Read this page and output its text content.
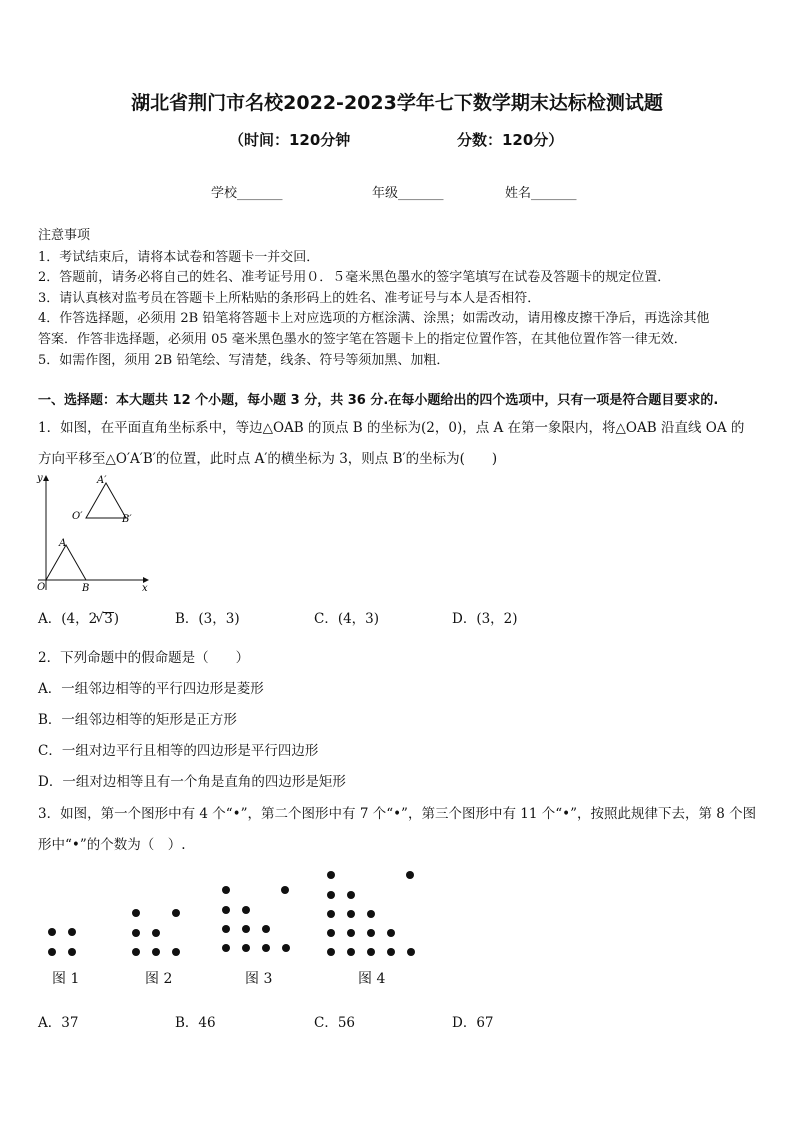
湖北省荆门市名校2022-2023学年七下数学期末达标检测试题
（时间：120分钟	分数：120分）
学校_______	年级_______	姓名_______
注意事项
1．考试结束后，请将本试卷和答题卡一并交回．
2．答题前，请务必将自己的姓名、准考证号用０．５毫米黑色墨水的签字笔填写在试卷及答题卡的规定位置．
3．请认真核对监考员在答题卡上所粘贴的条形码上的姓名、准考证号与本人是否相符．
4．作答选择题，必须用 2B 铅笔将答题卡上对应选项的方框涂满、涂黑；如需改动，请用橡皮擦干净后，再选涂其他
答案．作答非选择题，必须用 05 毫米黑色墨水的签字笔在答题卡上的指定位置作答，在其他位置作答一律无效．
5．如需作图，须用 2B 铅笔绘、写清楚，线条、符号等须加黑、加粗．
一、选择题：本大题共 12 个小题，每小题 3 分，共 36 分.在每小题给出的四个选项中，只有一项是符合题目要求的.
1．如图，在平面直角坐标系中，等边△OAB 的顶点 B 的坐标为(2，0)，点 A 在第一象限内，将△OAB 沿直线 OA 的
方向平移至△O′A′B′的位置，此时点 A′的横坐标为 3，则点 B′的坐标为(　　)
y
x
O
A
B
O′
A′
B′
A．(4，2√ 3)	B．(3，3)	C．(4，3)	D．(3，2)
2．下列命题中的假命题是（　　）
A．一组邻边相等的平行四边形是菱形
B．一组邻边相等的矩形是正方形
C．一组对边平行且相等的四边形是平行四边形
D．一组对边相等且有一个角是直角的四边形是矩形
3．如图，第一个图形中有 4 个“•”，第二个图形中有 7 个“•”，第三个图形中有 11 个“•”，按照此规律下去，第 8 个图
形中“•”的个数为（　）.
图 1	图 2	图 3	图 4
A．37	B．46	C．56	D．67
